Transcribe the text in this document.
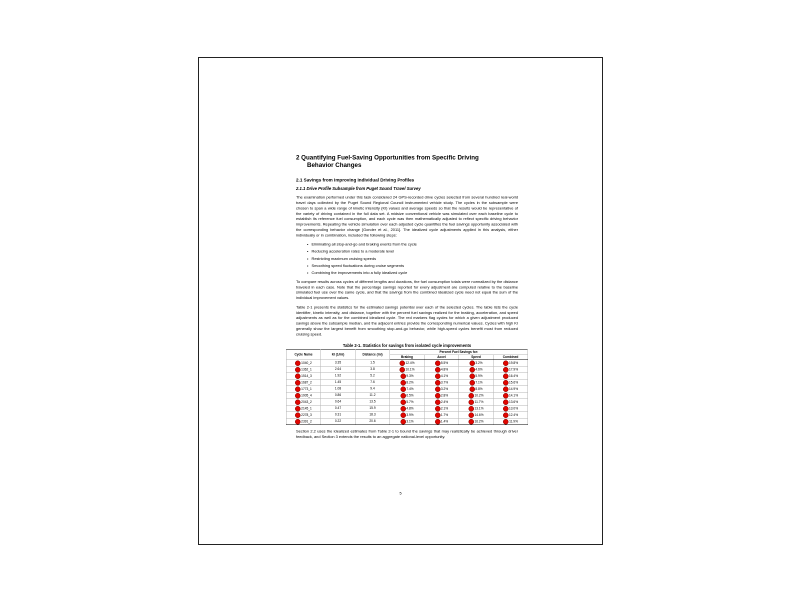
2 Quantifying Fuel-Saving Opportunities from Specific Driving
Behavior Changes
2.1 Savings from Improving Individual Driving Profiles
2.1.1 Drive Profile Subsample from Puget Sound Travel Survey
The examination performed under this task considered 24 GPS-recorded drive cycles selected from several hundred real-world travel days collected by the Puget Sound Regional Council instrumented vehicle study. The cycles in the subsample were chosen to span a wide range of kinetic intensity (KI) values and average speeds so that the results would be representative of the variety of driving contained in the full data set. A midsize conventional vehicle was simulated over each baseline cycle to establish its reference fuel consumption, and each cycle was then mathematically adjusted to reflect specific driving behavior improvements. Repeating the vehicle simulation over each adjusted cycle quantifies the fuel savings opportunity associated with the corresponding behavior change [Gonder et al., 2011]. The idealized cycle adjustments applied in this analysis, either individually or in combination, included the following steps:
• Eliminating all stop-and-go and braking events from the cycle
• Reducing acceleration rates to a moderate level
• Restricting maximum cruising speeds
• Smoothing speed fluctuations during cruise segments
• Combining the improvements into a fully idealized cycle
To compare results across cycles of different lengths and durations, the fuel consumption totals were normalized by the distance traveled in each case. Note that the percentage savings reported for every adjustment are computed relative to the baseline simulated fuel use over the same cycle, and that the savings from the combined idealized cycle need not equal the sum of the individual improvement values.
Table 2-1 presents the statistics for the estimated savings potential over each of the selected cycles. The table lists the cycle identifier, kinetic intensity, and distance, together with the percent fuel savings realized for the braking, acceleration, and speed adjustments as well as for the combined idealized cycle. The red markers flag cycles for which a given adjustment produced savings above the subsample median, and the adjacent entries provide the corresponding numerical values. Cycles with high KI generally show the largest benefit from smoothing stop-and-go behavior, while high-speed cycles benefit most from reduced cruising speed.
Table 2-1. Statistics for savings from isolated cycle improvements
Cycle Name	KI (1/mi)	Distance (mi)	Percent Fuel Savings for:			
			Braking	Accel	Speed	Combined
1040_2	3.35	1.5	12.4%	5.5%	3.2%	19.8%
1362_1	2.64	3.8	10.1%	4.8%	4.6%	17.9%
1514_3	1.92	5.2	9.3%	4.1%	5.9%	16.4%
1687_2	1.45	7.6	8.2%	3.7%	7.1%	15.6%
1773_1	1.08	9.4	7.4%	3.2%	8.8%	14.9%
1905_4	0.86	11.2	6.5%	2.8%	10.2%	14.1%
2043_2	0.64	13.5	5.7%	2.4%	11.7%	13.6%
2145_1	0.47	15.9	4.8%	2.1%	13.1%	13.0%
2278_3	0.31	18.3	3.9%	1.7%	14.6%	12.4%
2391_2	0.22	20.6	3.1%	1.4%	16.2%	11.9%
Section 2.2 uses the idealized estimates from Table 2-1 to bound the savings that may realistically be achieved through driver feedback, and Section 3 extends the results to an aggregate national-level opportunity.
5
